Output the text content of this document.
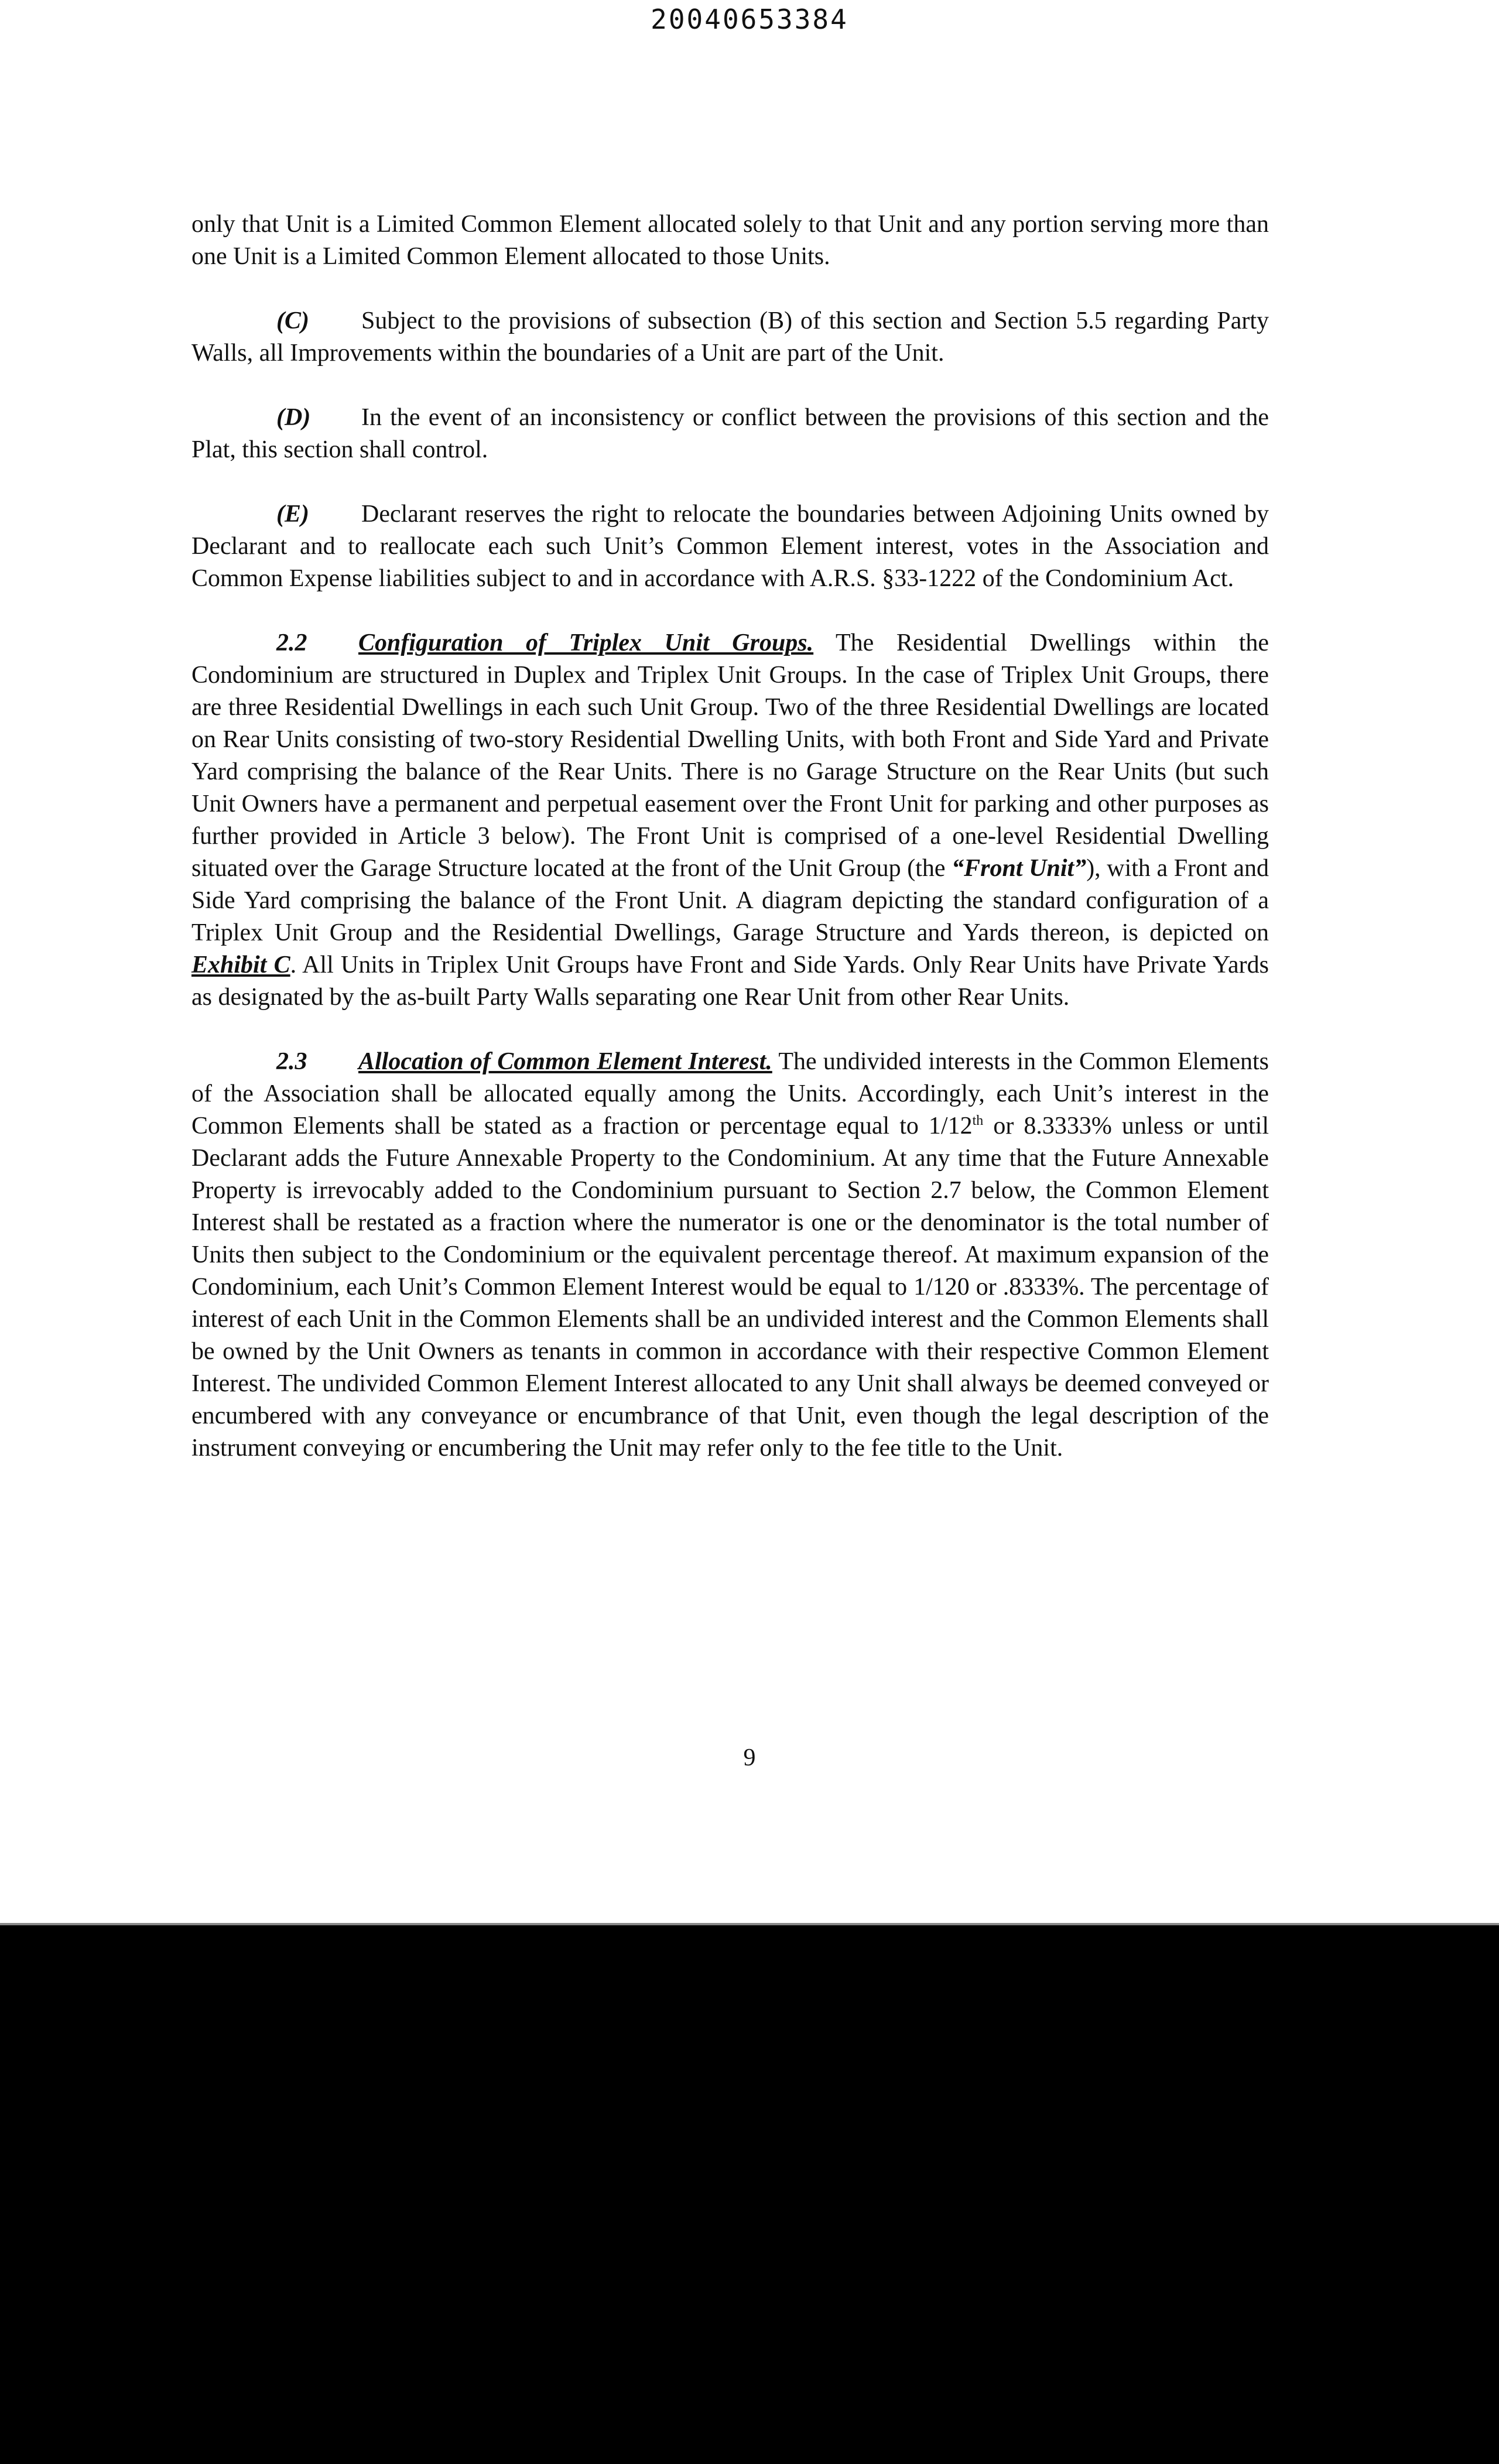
20040653384

only that Unit is a Limited Common Element allocated solely to that Unit and any portion serving more than one Unit is a Limited Common Element allocated to those Units.

(C) Subject to the provisions of subsection (B) of this section and Section 5.5 regarding Party Walls, all Improvements within the boundaries of a Unit are part of the Unit.

(D) In the event of an inconsistency or conflict between the provisions of this section and the Plat, this section shall control.

(E) Declarant reserves the right to relocate the boundaries between Adjoining Units owned by Declarant and to reallocate each such Unit’s Common Element interest, votes in the Association and Common Expense liabilities subject to and in accordance with A.R.S. §33-1222 of the Condominium Act.

2.2 Configuration of Triplex Unit Groups. The Residential Dwellings within the Condominium are structured in Duplex and Triplex Unit Groups. In the case of Triplex Unit Groups, there are three Residential Dwellings in each such Unit Group. Two of the three Residential Dwellings are located on Rear Units consisting of two-story Residential Dwelling Units, with both Front and Side Yard and Private Yard comprising the balance of the Rear Units. There is no Garage Structure on the Rear Units (but such Unit Owners have a permanent and perpetual easement over the Front Unit for parking and other purposes as further provided in Article 3 below). The Front Unit is comprised of a one-level Residential Dwelling situated over the Garage Structure located at the front of the Unit Group (the “Front Unit”), with a Front and Side Yard comprising the balance of the Front Unit. A diagram depicting the standard configuration of a Triplex Unit Group and the Residential Dwellings, Garage Structure and Yards thereon, is depicted on Exhibit C. All Units in Triplex Unit Groups have Front and Side Yards. Only Rear Units have Private Yards as designated by the as-built Party Walls separating one Rear Unit from other Rear Units.

2.3 Allocation of Common Element Interest. The undivided interests in the Common Elements of the Association shall be allocated equally among the Units. Accordingly, each Unit’s interest in the Common Elements shall be stated as a fraction or percentage equal to 1/12th or 8.3333% unless or until Declarant adds the Future Annexable Property to the Condominium. At any time that the Future Annexable Property is irrevocably added to the Condominium pursuant to Section 2.7 below, the Common Element Interest shall be restated as a fraction where the numerator is one or the denominator is the total number of Units then subject to the Condominium or the equivalent percentage thereof. At maximum expansion of the Condominium, each Unit’s Common Element Interest would be equal to 1/120 or .8333%. The percentage of interest of each Unit in the Common Elements shall be an undivided interest and the Common Elements shall be owned by the Unit Owners as tenants in common in accordance with their respective Common Element Interest. The undivided Common Element Interest allocated to any Unit shall always be deemed conveyed or encumbered with any conveyance or encumbrance of that Unit, even though the legal description of the instrument conveying or encumbering the Unit may refer only to the fee title to the Unit.

9
